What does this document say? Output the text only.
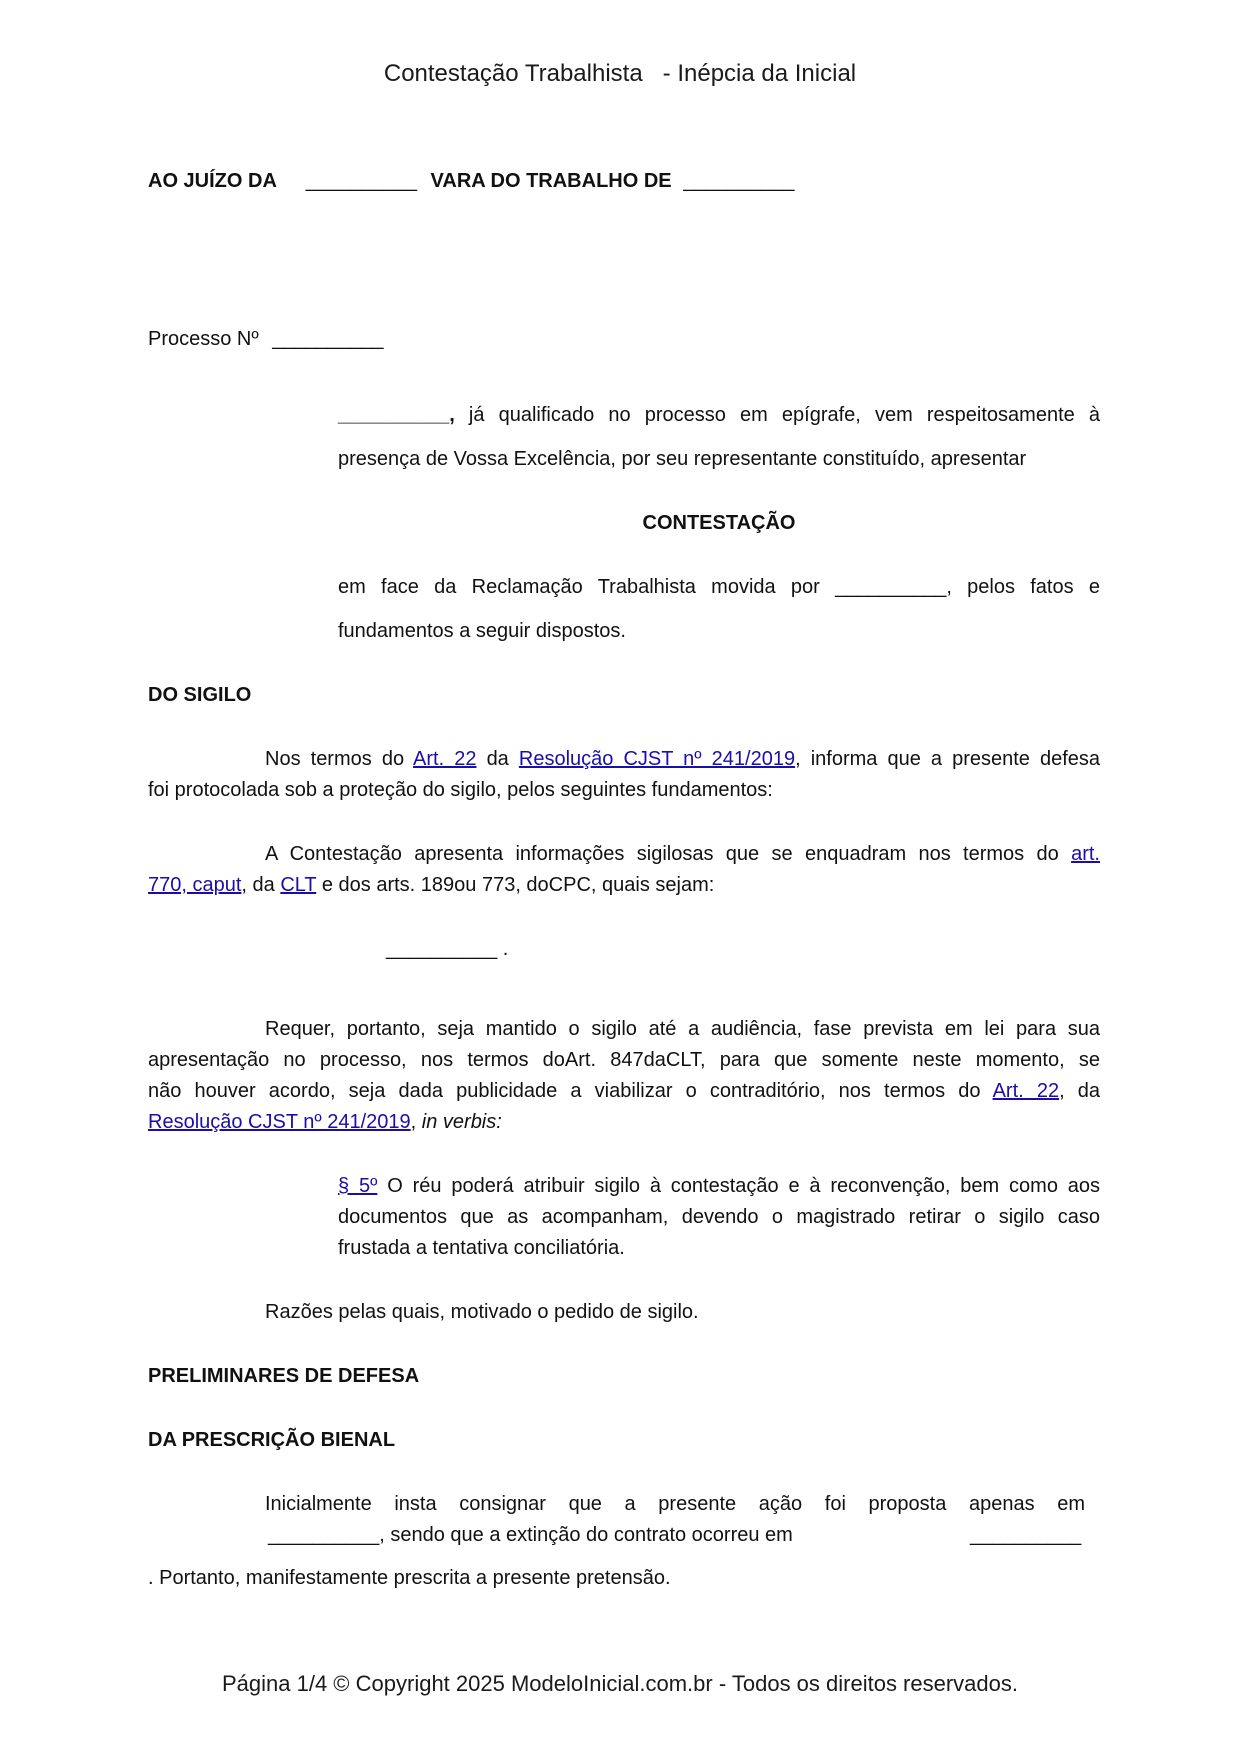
Contestação Trabalhista   - Inépcia da Inicial
AO JUÍZO DA __________ VARA DO TRABALHO DE __________
Processo Nº __________
__________, já qualificado no processo em epígrafe, vem respeitosamente à
presença de Vossa Excelência, por seu representante constituído, apresentar
CONTESTAÇÃO
em face da Reclamação Trabalhista movida por __________, pelos fatos e
fundamentos a seguir dispostos.
DO SIGILO
Nos termos do Art. 22 da Resolução CJST nº 241/2019, informa que a presente defesa
foi protocolada sob a proteção do sigilo, pelos seguintes fundamentos:
A Contestação apresenta informações sigilosas que se enquadram nos termos do art.
770, caput, da CLT e dos arts. 189ou 773, doCPC, quais sejam:
__________ .
Requer, portanto, seja mantido o sigilo até a audiência, fase prevista em lei para sua
apresentação no processo, nos termos doArt. 847daCLT, para que somente neste momento, se
não houver acordo, seja dada publicidade a viabilizar o contraditório, nos termos do Art. 22, da
Resolução CJST nº 241/2019, in verbis:
§ 5º O réu poderá atribuir sigilo à contestação e à reconvenção, bem como aos
documentos que as acompanham, devendo o magistrado retirar o sigilo caso
frustada a tentativa conciliatória.
Razões pelas quais, motivado o pedido de sigilo.
PRELIMINARES DE DEFESA
DA PRESCRIÇÃO BIENAL
Inicialmente insta consignar que a presente ação foi proposta apenas em
__________, sendo que a extinção do contrato ocorreu em	__________
. Portanto, manifestamente prescrita a presente pretensão.
Página 1/4 © Copyright 2025 ModeloInicial.com.br - Todos os direitos reservados.
